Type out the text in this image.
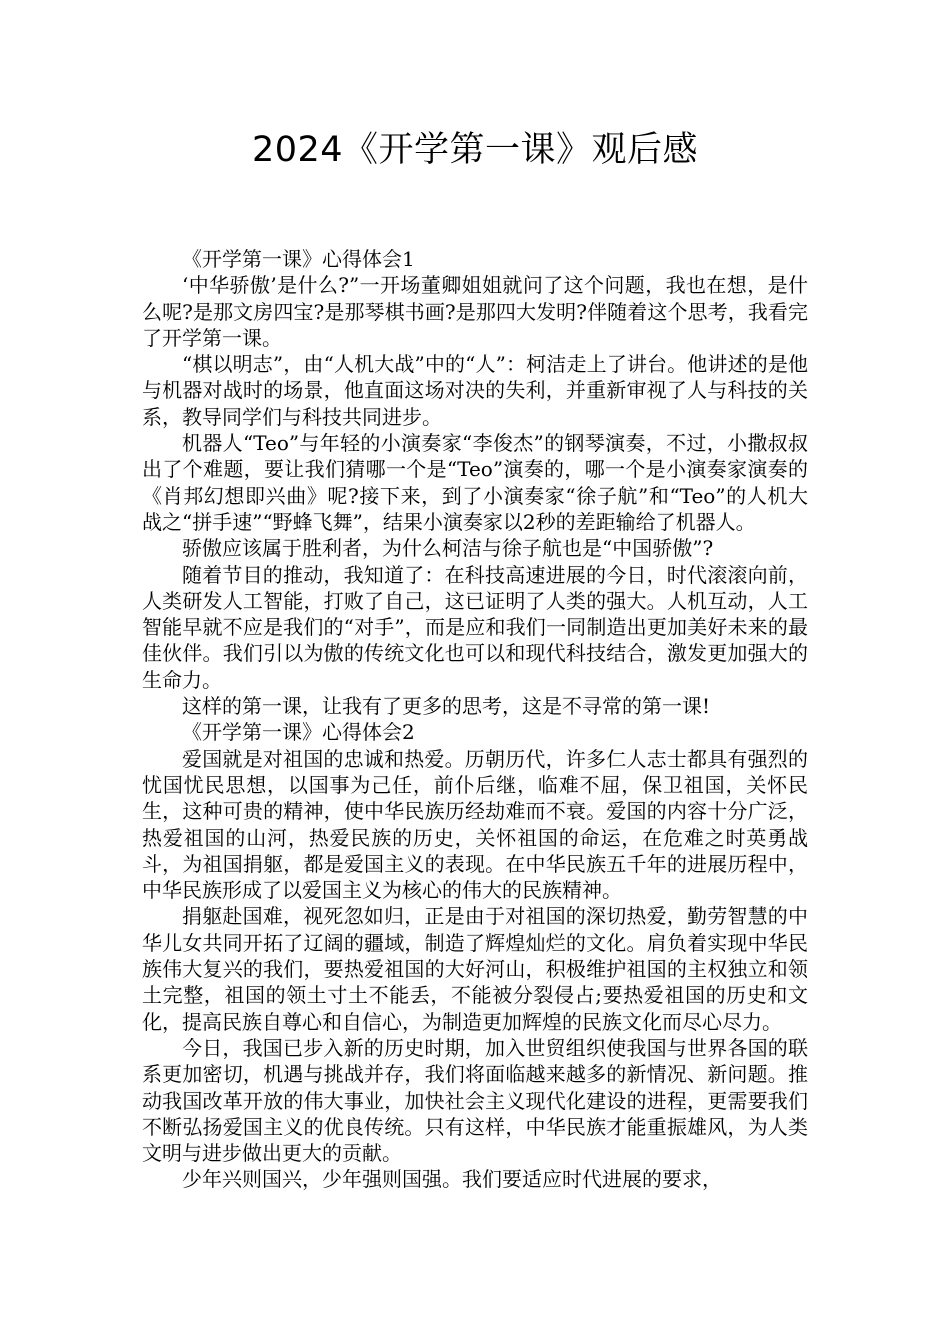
2024《开学第一课》观后感

《开学第一课》心得体会1

‘中华骄傲’是什么?”一开场董卿姐姐就问了这个问题，我也在想，是什么呢?是那文房四宝?是那琴棋书画?是那四大发明?伴随着这个思考，我看完了开学第一课。

“棋以明志”，由“人机大战”中的“人”：柯洁走上了讲台。他讲述的是他与机器对战时的场景，他直面这场对决的失利，并重新审视了人与科技的关系，教导同学们与科技共同进步。

机器人“Teo”与年轻的小演奏家“李俊杰”的钢琴演奏，不过，小撒叔叔出了个难题，要让我们猜哪一个是“Teo”演奏的，哪一个是小演奏家演奏的《肖邦幻想即兴曲》呢?接下来，到了小演奏家“徐子航”和“Teo”的人机大战之“拼手速”“野蜂飞舞”，结果小演奏家以2秒的差距输给了机器人。

骄傲应该属于胜利者，为什么柯洁与徐子航也是“中国骄傲”?

随着节目的推动，我知道了：在科技高速进展的今日，时代滚滚向前，人类研发人工智能，打败了自己，这已证明了人类的强大。人机互动，人工智能早就不应是我们的“对手”，而是应和我们一同制造出更加美好未来的最佳伙伴。我们引以为傲的传统文化也可以和现代科技结合，激发更加强大的生命力。

这样的第一课，让我有了更多的思考，这是不寻常的第一课!

《开学第一课》心得体会2

爱国就是对祖国的忠诚和热爱。历朝历代，许多仁人志士都具有强烈的忧国忧民思想，以国事为己任，前仆后继，临难不屈，保卫祖国，关怀民生，这种可贵的精神，使中华民族历经劫难而不衰。爱国的内容十分广泛，热爱祖国的山河，热爱民族的历史，关怀祖国的命运，在危难之时英勇战斗，为祖国捐躯，都是爱国主义的表现。在中华民族五千年的进展历程中，中华民族形成了以爱国主义为核心的伟大的民族精神。

捐躯赴国难，视死忽如归，正是由于对祖国的深切热爱，勤劳智慧的中华儿女共同开拓了辽阔的疆域，制造了辉煌灿烂的文化。肩负着实现中华民族伟大复兴的我们，要热爱祖国的大好河山，积极维护祖国的主权独立和领土完整，祖国的领土寸土不能丢，不能被分裂侵占;要热爱祖国的历史和文化，提高民族自尊心和自信心，为制造更加辉煌的民族文化而尽心尽力。

今日，我国已步入新的历史时期，加入世贸组织使我国与世界各国的联系更加密切，机遇与挑战并存，我们将面临越来越多的新情况、新问题。推动我国改革开放的伟大事业，加快社会主义现代化建设的进程，更需要我们不断弘扬爱国主义的优良传统。只有这样，中华民族才能重振雄风，为人类文明与进步做出更大的贡献。

少年兴则国兴，少年强则国强。我们要适应时代进展的要求，
